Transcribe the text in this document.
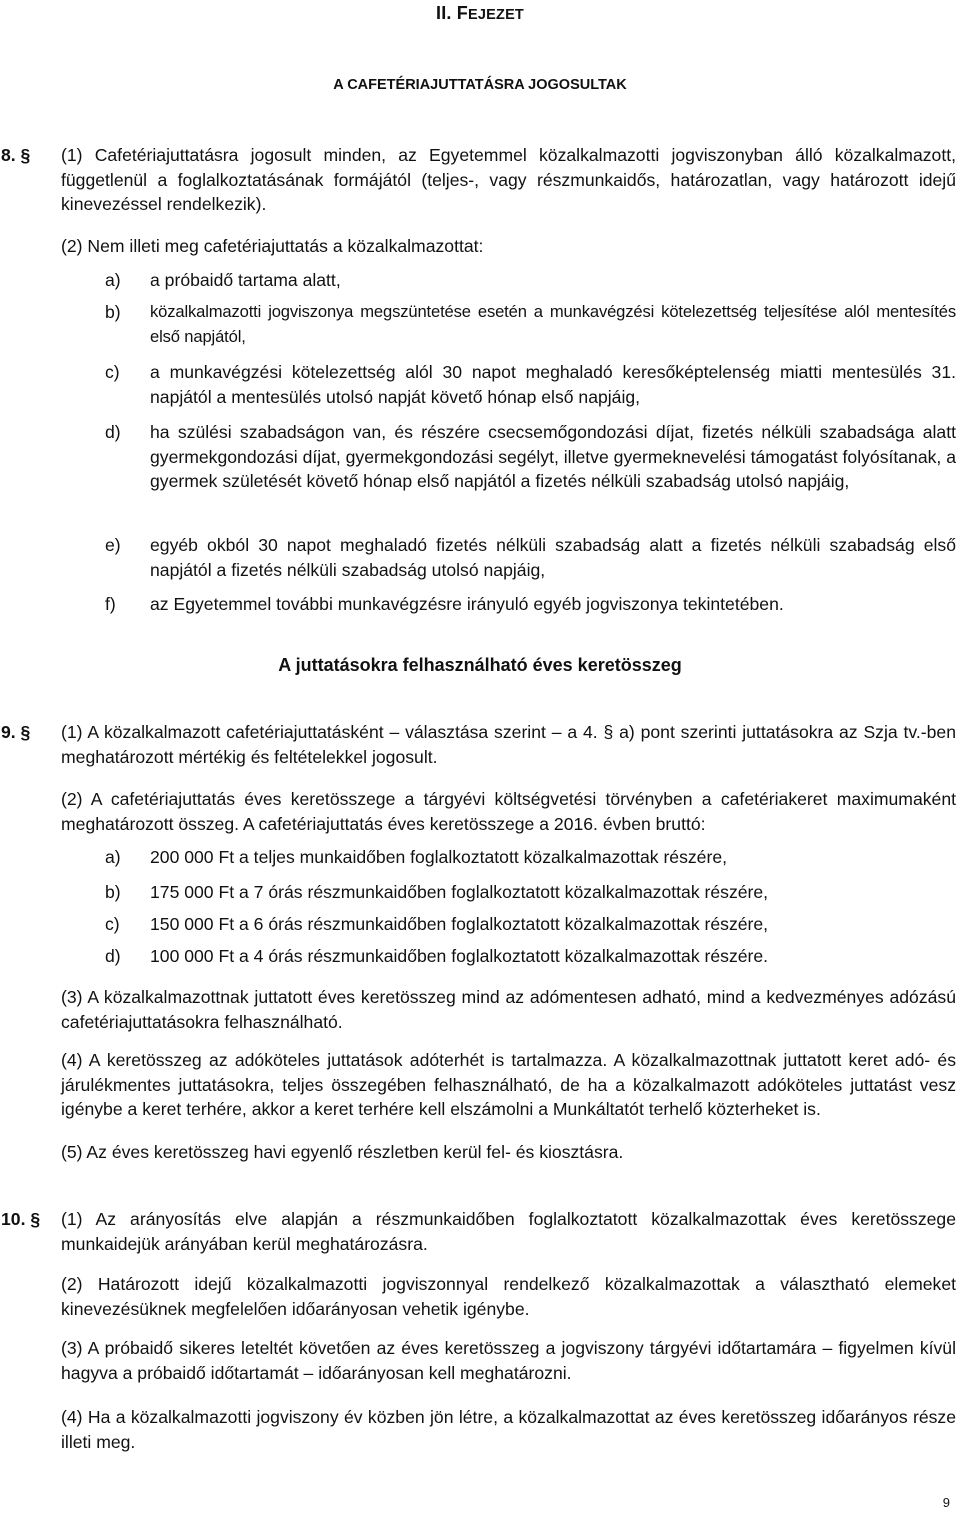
II. FEJEZET
A CAFETÉRIAJUTTATÁSRA JOGOSULTAK
8. § (1) Cafetériajuttatásra jogosult minden, az Egyetemmel közalkalmazotti jogviszonyban álló közalkalmazott, függetlenül a foglalkoztatásának formájától (teljes-, vagy részmunkaidős, határozatlan, vagy határozott idejű kinevezéssel rendelkezik).

(2) Nem illeti meg cafetériajuttatás a közalkalmazottat:

a) a próbaidő tartama alatt,

b) közalkalmazotti jogviszonya megszüntetése esetén a munkavégzési kötelezettség teljesítése alól mentesítés első napjától,

c) a munkavégzési kötelezettség alól 30 napot meghaladó keresőképtelenség miatti mentesülés 31. napjától a mentesülés utolsó napját követő hónap első napjáig,

d) ha szülési szabadságon van, és részére csecsemőgondozási díjat, fizetés nélküli szabadsága alatt gyermekgondozási díjat, gyermekgondozási segélyt, illetve gyermeknevelési támogatást folyósítanak, a gyermek születését követő hónap első napjától a fizetés nélküli szabadság utolsó napjáig,

e) egyéb okból 30 napot meghaladó fizetés nélküli szabadság alatt a fizetés nélküli szabadság első napjától a fizetés nélküli szabadság utolsó napjáig,

f) az Egyetemmel további munkavégzésre irányuló egyéb jogviszonya tekintetében.

A juttatásokra felhasználható éves keretösszeg
9. § (1) A közalkalmazott cafetériajuttatásként – választása szerint – a 4. § a) pont szerinti juttatásokra az Szja tv.-ben meghatározott mértékig és feltételekkel jogosult.

(2) A cafetériajuttatás éves keretösszege a tárgyévi költségvetési törvényben a cafetériakeret maximumaként meghatározott összeg. A cafetériajuttatás éves keretösszege a 2016. évben bruttó:

a) 200 000 Ft a teljes munkaidőben foglalkoztatott közalkalmazottak részére,

b) 175 000 Ft a 7 órás részmunkaidőben foglalkoztatott közalkalmazottak részére,

c) 150 000 Ft a 6 órás részmunkaidőben foglalkoztatott közalkalmazottak részére,

d) 100 000 Ft a 4 órás részmunkaidőben foglalkoztatott közalkalmazottak részére.

(3) A közalkalmazottnak juttatott éves keretösszeg mind az adómentesen adható, mind a kedvezményes adózású cafetériajuttatásokra felhasználható.

(4) A keretösszeg az adóköteles juttatások adóterhét is tartalmazza. A közalkalmazottnak juttatott keret adó- és járulékmentes juttatásokra, teljes összegében felhasználható, de ha a közalkalmazott adóköteles juttatást vesz igénybe a keret terhére, akkor a keret terhére kell elszámolni a Munkáltatót terhelő közterheket is.

(5) Az éves keretösszeg havi egyenlő részletben kerül fel- és kiosztásra.

10. § (1) Az arányosítás elve alapján a részmunkaidőben foglalkoztatott közalkalmazottak éves keretösszege munkaidejük arányában kerül meghatározásra.

(2) Határozott idejű közalkalmazotti jogviszonnyal rendelkező közalkalmazottak a választható elemeket kinevezésüknek megfelelően időarányosan vehetik igénybe.

(3) A próbaidő sikeres leteltét követően az éves keretösszeg a jogviszony tárgyévi időtartamára – figyelmen kívül hagyva a próbaidő időtartamát – időarányosan kell meghatározni.

(4) Ha a közalkalmazotti jogviszony év közben jön létre, a közalkalmazottat az éves keretösszeg időarányos része illeti meg.

9
